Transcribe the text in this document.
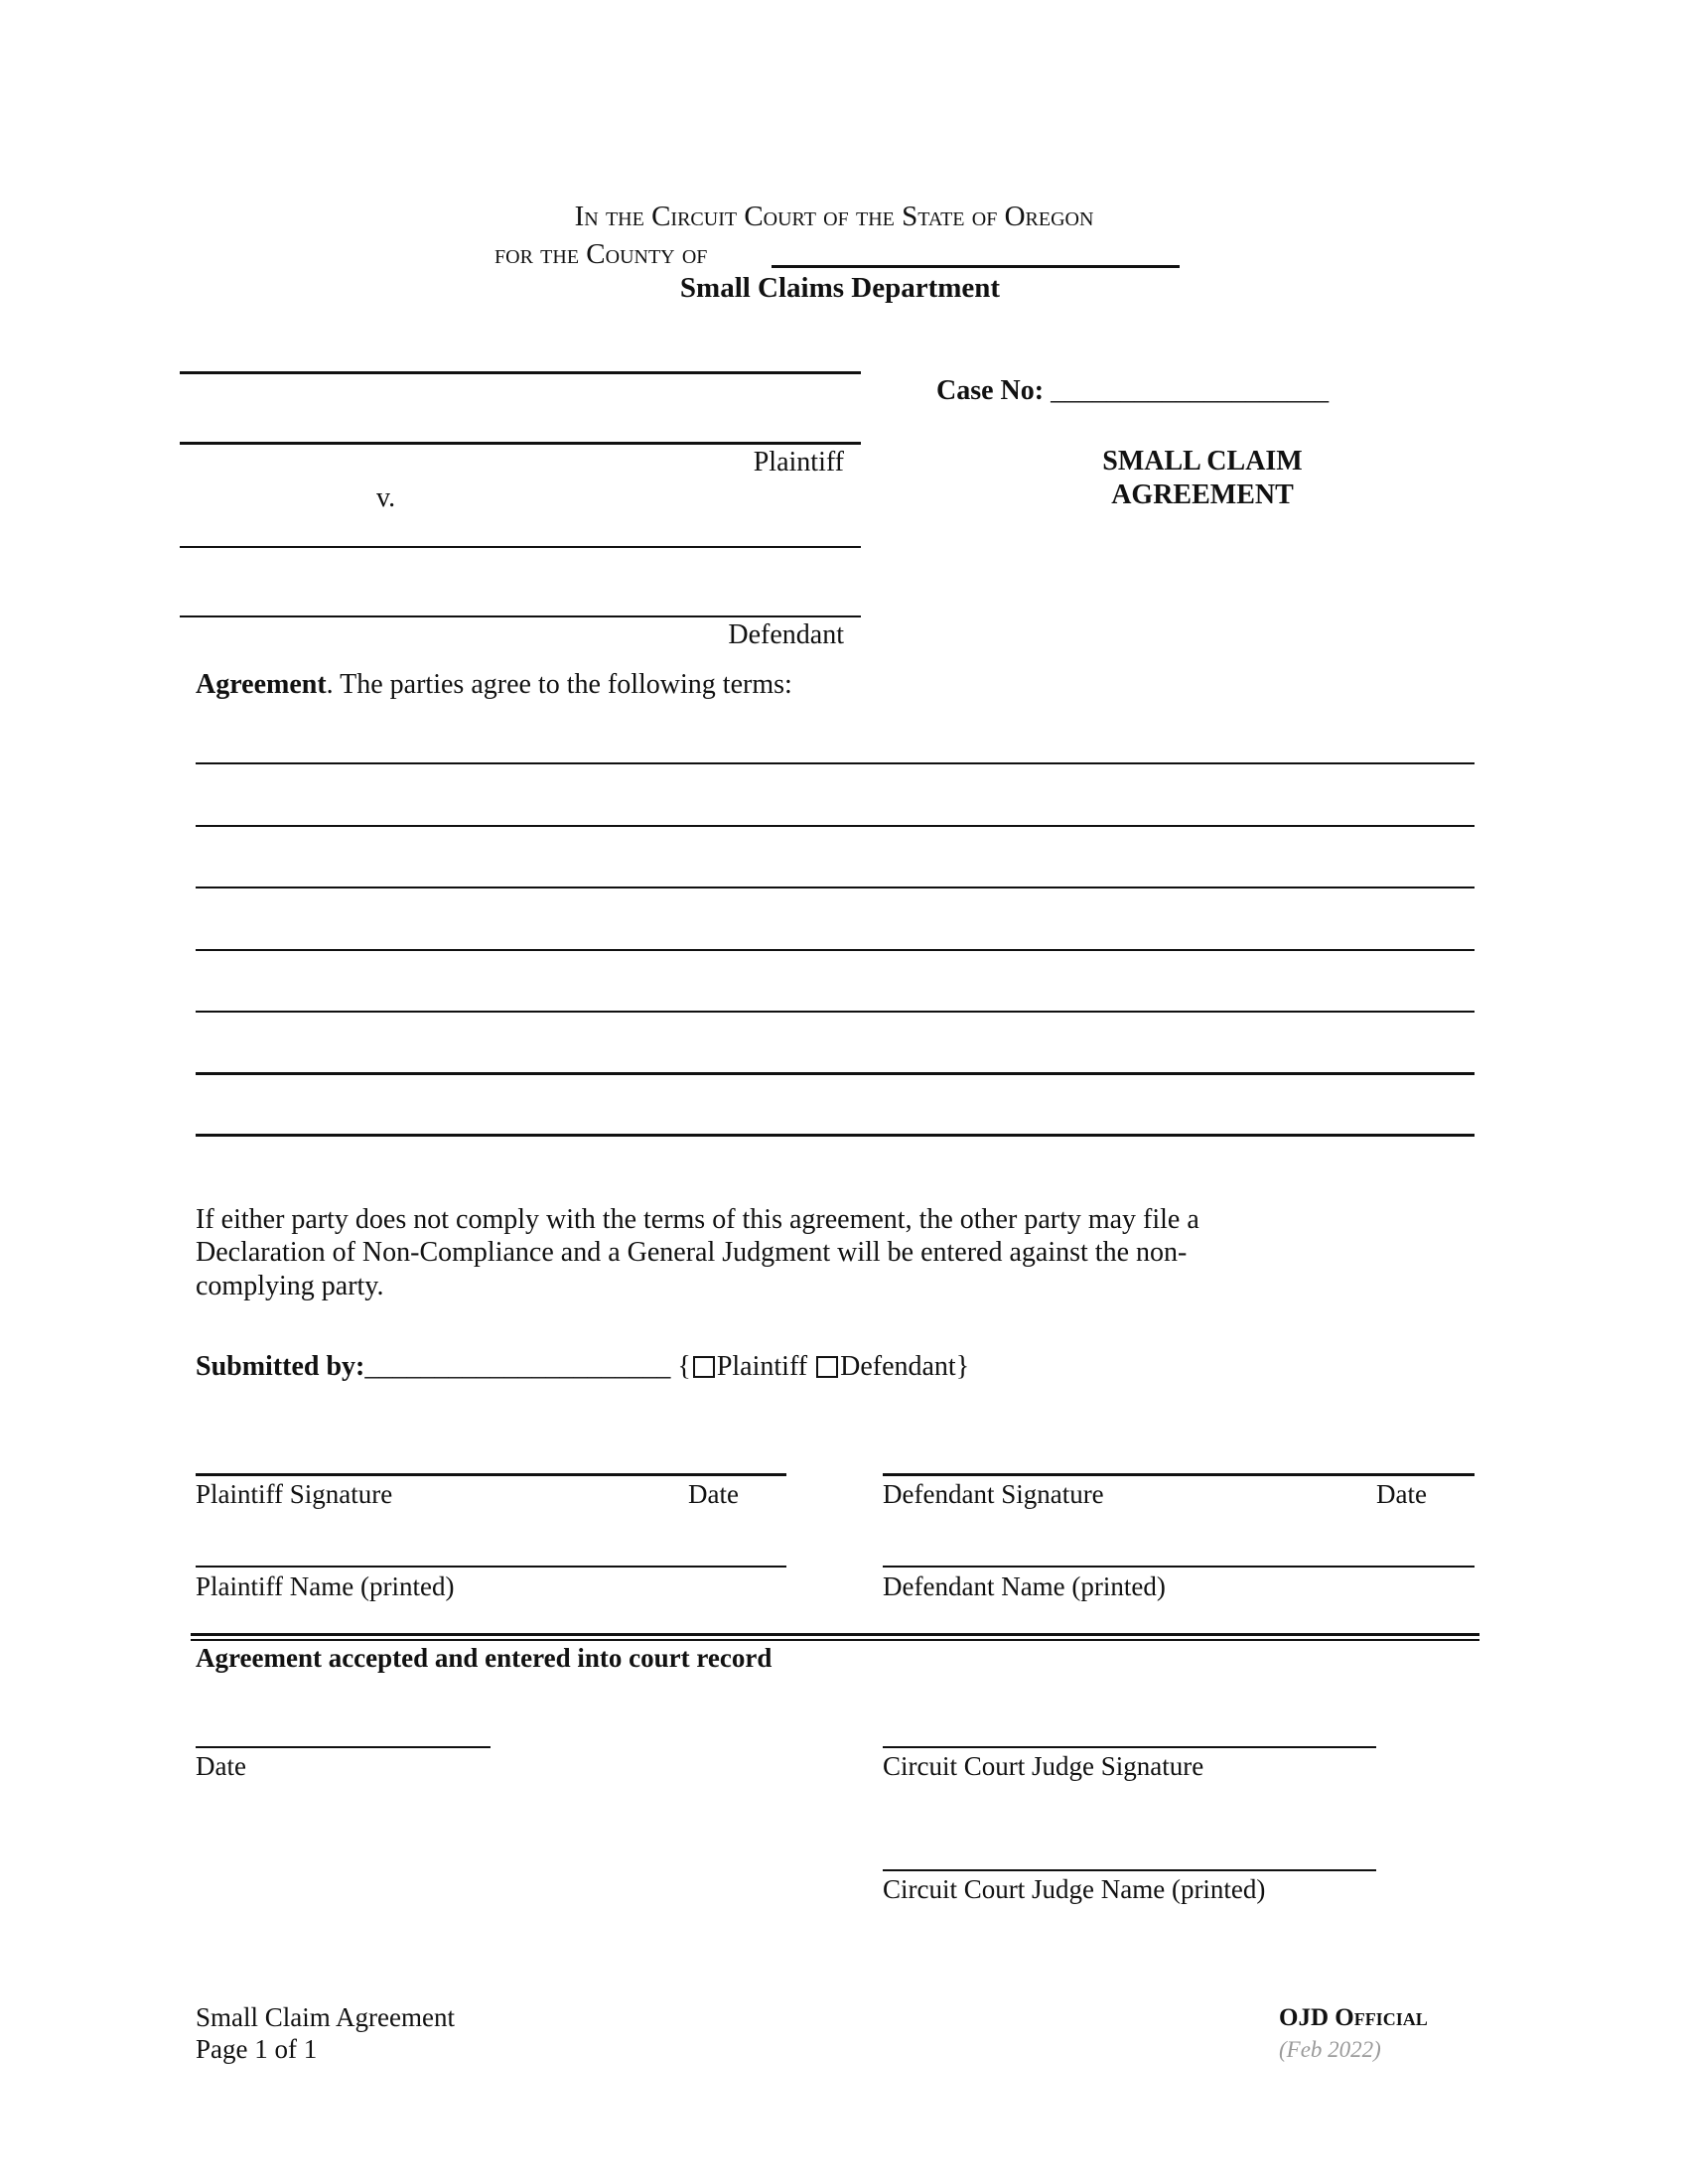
In the Circuit Court of the State of Oregon
for the County of
Small Claims Department
Plaintiff
v.
Defendant
Case No: ____________________
SMALL CLAIM
AGREEMENT
Agreement. The parties agree to the following terms:
If either party does not comply with the terms of this agreement, the other party may file a
Declaration of Non-Compliance and a General Judgment will be entered against the non-
complying party.
Submitted by:______________________ { Plaintiff Defendant}
Plaintiff Signature	Date	Defendant Signature	Date
Plaintiff Name (printed)	Defendant Name (printed)
Agreement accepted and entered into court record
Date	Circuit Court Judge Signature
Circuit Court Judge Name (printed)
Small Claim Agreement
Page 1 of 1
OJD Official
(Feb 2022)
